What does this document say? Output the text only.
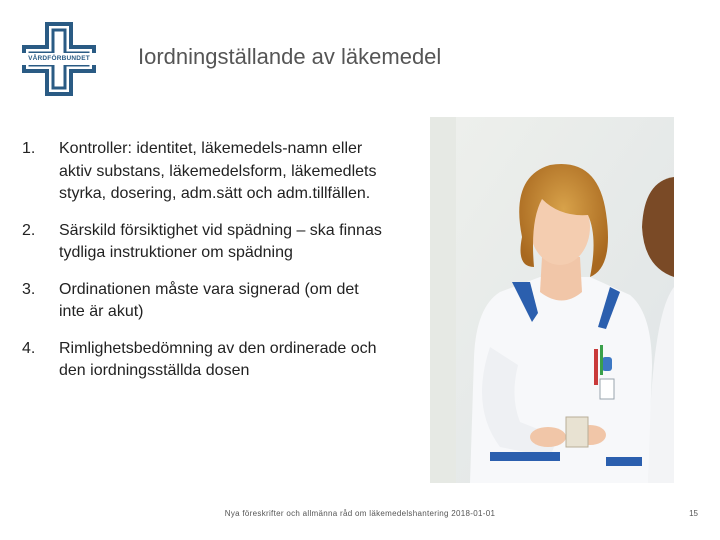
VÅRDFÖRBUNDET Iordningställande av läkemedel
1. Kontroller: identitet, läkemedels-namn eller aktiv substans, läkemedelsform, läkemedlets styrka, dosering, adm.sätt och adm.tillfällen.
2. Särskild försiktighet vid spädning – ska finnas tydliga instruktioner om spädning
3. Ordinationen måste vara signerad (om det inte är akut)
4. Rimlighetsbedömning av den ordinerade och den iordningsställda dosen
Nya föreskrifter och allmänna råd om läkemedelshantering 2018-01-01	15
